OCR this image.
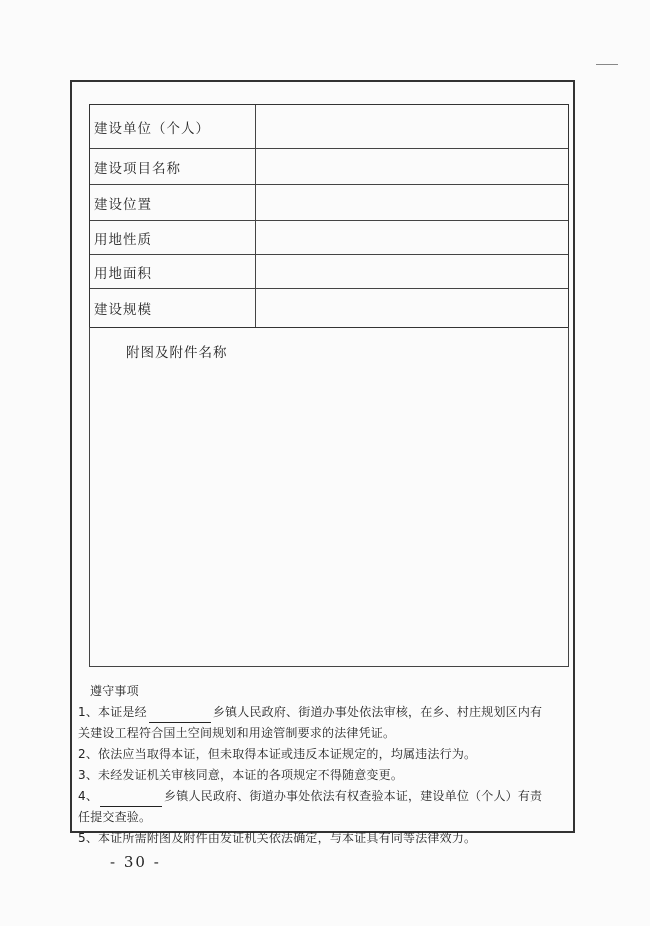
建设单位（个人）
建设项目名称
建设位置
用地性质
用地面积
建设规模
附图及附件名称
遵守事项
1、本证是经	乡镇人民政府、街道办事处依法审核，在乡、村庄规划区内有
关建设工程符合国土空间规划和用途管制要求的法律凭证。
2、依法应当取得本证，但未取得本证或违反本证规定的，均属违法行为。
3、未经发证机关审核同意，本证的各项规定不得随意变更。
4、	乡镇人民政府、街道办事处依法有权查验本证，建设单位（个人）有责
任提交查验。
5、本证所需附图及附件由发证机关依法确定，与本证具有同等法律效力。
- 30 -
